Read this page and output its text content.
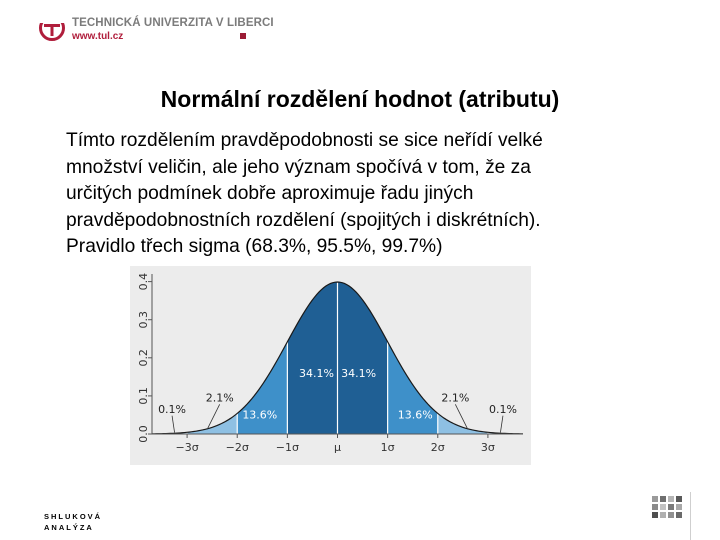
TECHNICKÁ UNIVERZITA V LIBERCI
www.tul.cz
Normální rozdělení hodnot (atributu)
Tímto rozdělením pravděpodobnosti se sice neřídí velké
množství veličin, ale jeho význam spočívá v tom, že za
určitých podmínek dobře aproximuje řadu jiných
pravděpodobnostních rozdělení (spojitých i diskrétních).
Pravidlo třech sigma (68.3%, 95.5%, 99.7%)
0.0
0.1
0.2
0.3
0.4
−3σ −2σ −1σ	μ	1σ	2σ	3σ
0.1%
2.1%
13.6%
34.1% 34.1%
13.6%
2.1%
0.1%
SHLUKOVÁ
ANALÝZA
